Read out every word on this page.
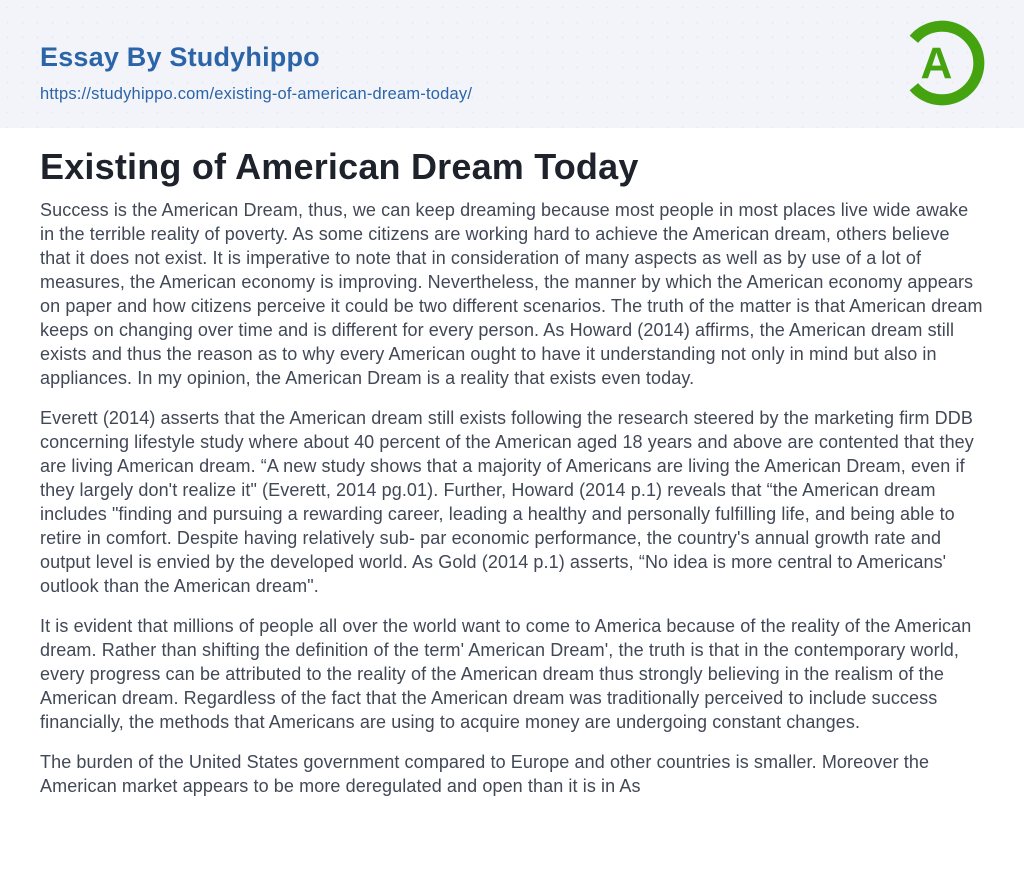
Essay By Studyhippo
https://studyhippo.com/existing-of-american-dream-today/
A
Existing of American Dream Today

Success is the American Dream, thus, we can keep dreaming because most people in most places live wide awake in the terrible reality of poverty. As some citizens are working hard to achieve the American dream, others believe that it does not exist. It is imperative to note that in consideration of many aspects as well as by use of a lot of measures, the American economy is improving. Nevertheless, the manner by which the American economy appears on paper and how citizens perceive it could be two different scenarios. The truth of the matter is that American dream keeps on changing over time and is different for every person. As Howard (2014) affirms, the American dream still exists and thus the reason as to why every American ought to have it understanding not only in mind but also in appliances. In my opinion, the American Dream is a reality that exists even today.

Everett (2014) asserts that the American dream still exists following the research steered by the marketing firm DDB concerning lifestyle study where about 40 percent of the American aged 18 years and above are contented that they are living American dream. “A new study shows that a majority of Americans are living the American Dream, even if they largely don't realize it" (Everett, 2014 pg.01). Further, Howard (2014 p.1) reveals that “the American dream includes "finding and pursuing a rewarding career, leading a healthy and personally fulfilling life, and being able to retire in comfort. Despite having relatively sub- par economic performance, the country's annual growth rate and output level is envied by the developed world. As Gold (2014 p.1) asserts, “No idea is more central to Americans' outlook than the American dream".

It is evident that millions of people all over the world want to come to America because of the reality of the American dream. Rather than shifting the definition of the term' American Dream', the truth is that in the contemporary world, every progress can be attributed to the reality of the American dream thus strongly believing in the realism of the American dream. Regardless of the fact that the American dream was traditionally perceived to include success financially, the methods that Americans are using to acquire money are undergoing constant changes.

The burden of the United States government compared to Europe and other countries is smaller. Moreover the American market appears to be more deregulated and open than it is in As
